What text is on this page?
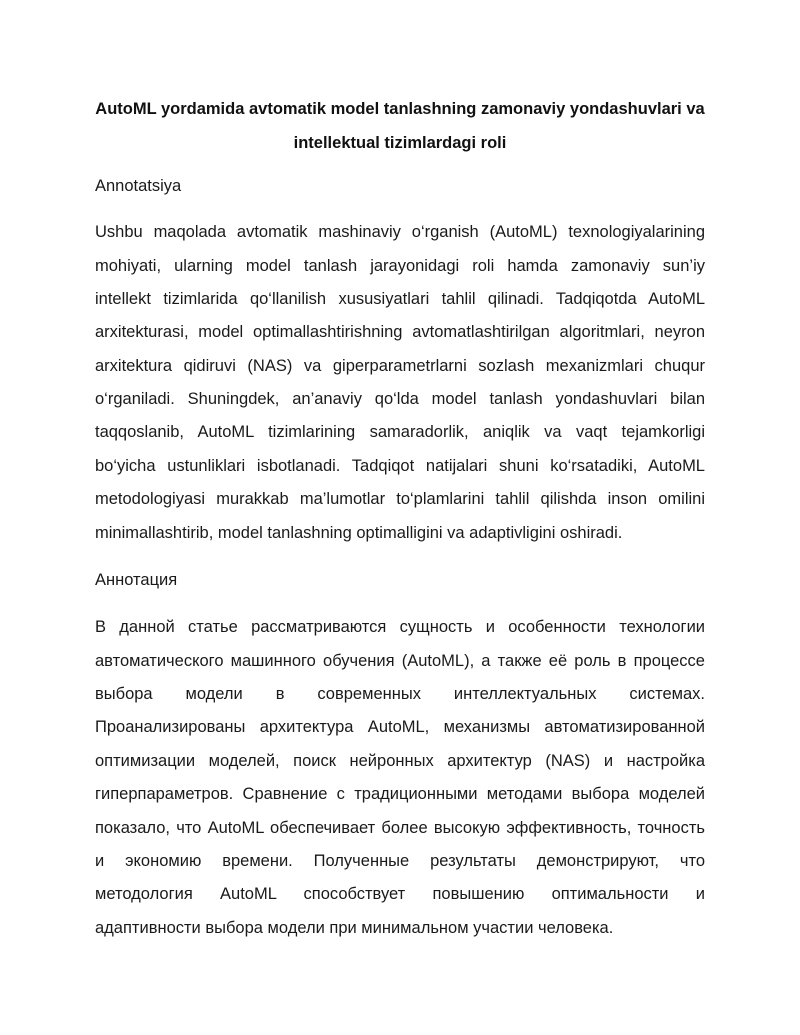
AutoML yordamida avtomatik model tanlashning zamonaviy yondashuvlari va
intellektual tizimlardagi roli
Annotatsiya
Ushbu maqolada avtomatik mashinaviy o‘rganish (AutoML) texnologiyalarining
mohiyati, ularning model tanlash jarayonidagi roli hamda zamonaviy sun’iy
intellekt tizimlarida qo‘llanilish xususiyatlari tahlil qilinadi. Tadqiqotda AutoML
arxitekturasi, model optimallashtirishning avtomatlashtirilgan algoritmlari, neyron
arxitektura qidiruvi (NAS) va giperparametrlarni sozlash mexanizmlari chuqur
o‘rganiladi. Shuningdek, an’anaviy qo‘lda model tanlash yondashuvlari bilan
taqqoslanib, AutoML tizimlarining samaradorlik, aniqlik va vaqt tejamkorligi
bo‘yicha ustunliklari isbotlanadi. Tadqiqot natijalari shuni ko‘rsatadiki, AutoML
metodologiyasi murakkab ma’lumotlar to‘plamlarini tahlil qilishda inson omilini
minimallashtirib, model tanlashning optimalligini va adaptivligini oshiradi.
Аннотация
В данной статье рассматриваются сущность и особенности технологии
автоматического машинного обучения (AutoML), а также её роль в процессе
выбора модели в современных интеллектуальных системах.
Проанализированы архитектура AutoML, механизмы автоматизированной
оптимизации моделей, поиск нейронных архитектур (NAS) и настройка
гиперпараметров. Сравнение с традиционными методами выбора моделей
показало, что AutoML обеспечивает более высокую эффективность, точность
и экономию времени. Полученные результаты демонстрируют, что
методология AutoML способствует повышению оптимальности и
адаптивности выбора модели при минимальном участии человека.
